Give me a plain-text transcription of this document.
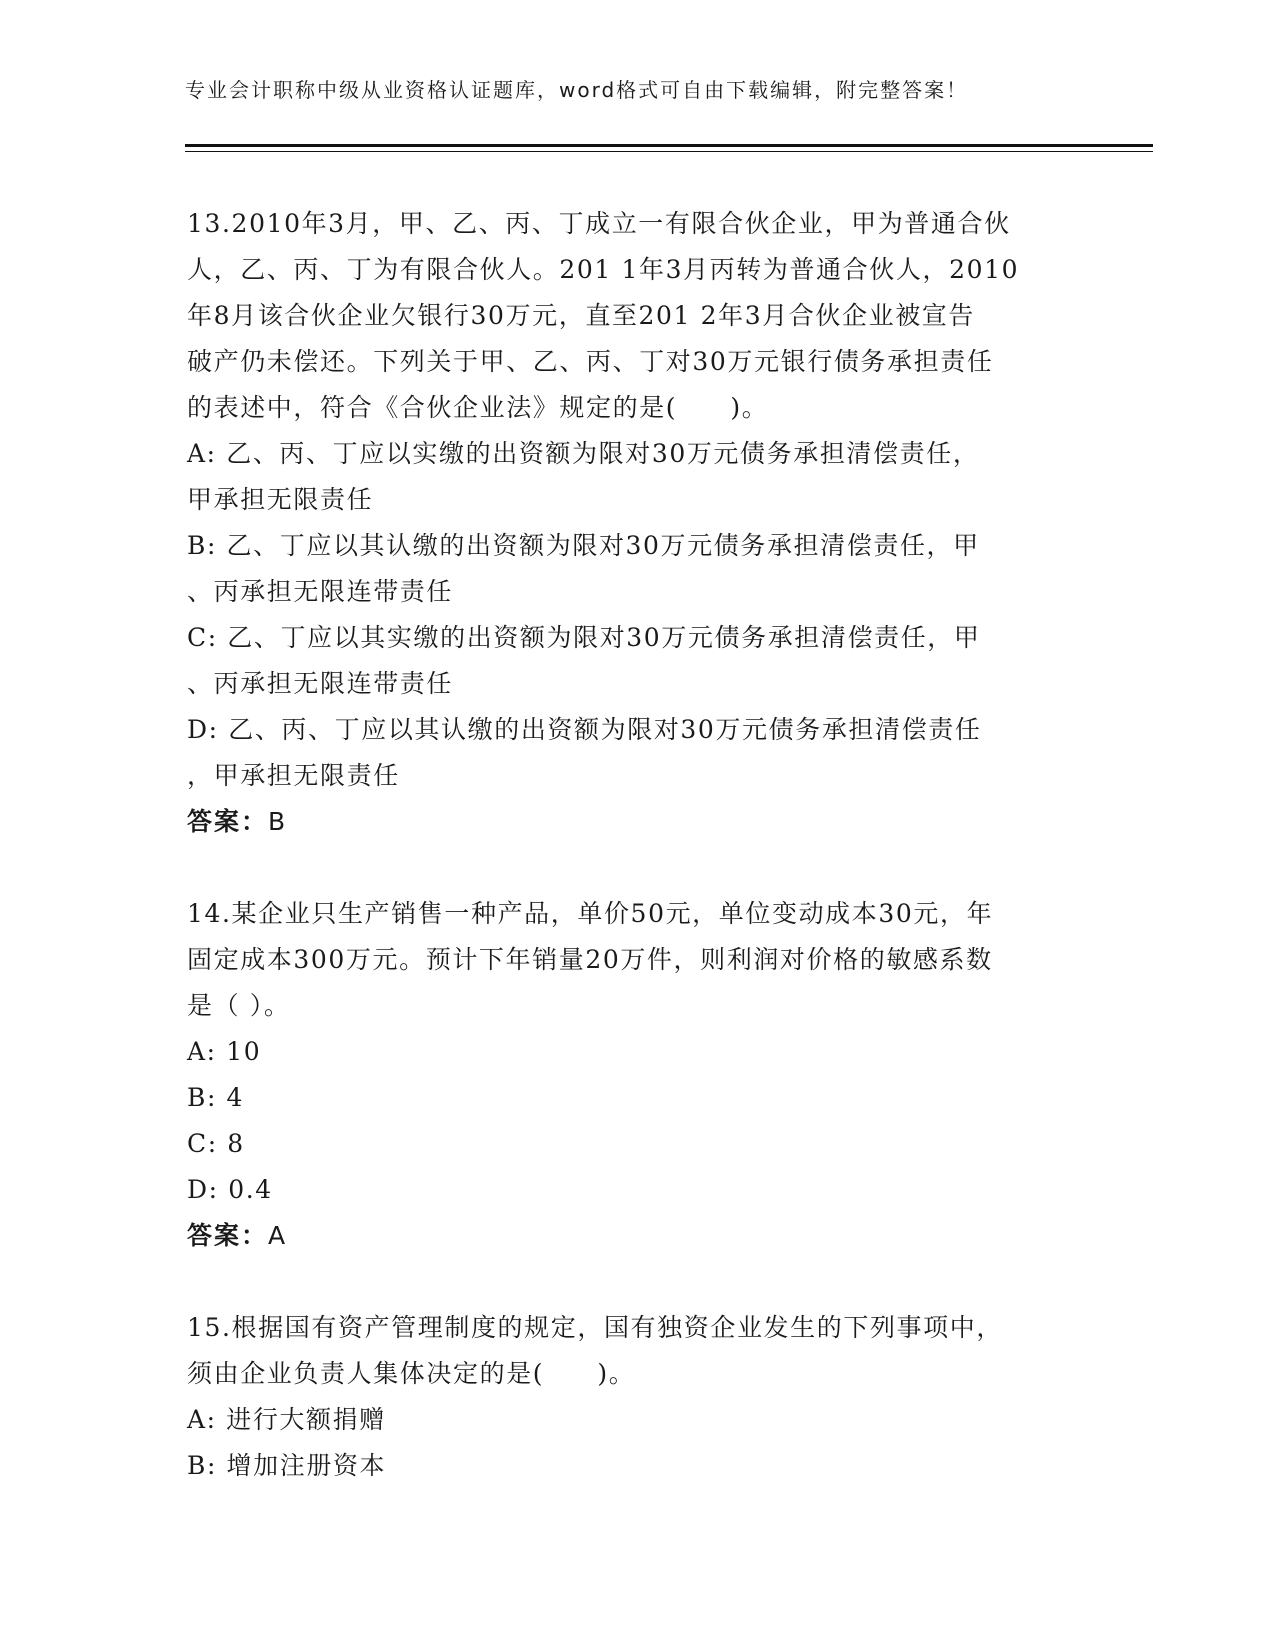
专业会计职称中级从业资格认证题库，word格式可自由下载编辑，附完整答案！
13.2010年3月，甲、乙、丙、丁成立一有限合伙企业，甲为普通合伙
人，乙、丙、丁为有限合伙人。201 1年3月丙转为普通合伙人，2010
年8月该合伙企业欠银行30万元，直至201 2年3月合伙企业被宣告
破产仍未偿还。下列关于甲、乙、丙、丁对30万元银行债务承担责任
的表述中，符合《合伙企业法》规定的是(　　)。
A: 乙、丙、丁应以实缴的出资额为限对30万元债务承担清偿责任，
甲承担无限责任
B: 乙、丁应以其认缴的出资额为限对30万元债务承担清偿责任，甲
、丙承担无限连带责任
C: 乙、丁应以其实缴的出资额为限对30万元债务承担清偿责任，甲
、丙承担无限连带责任
D: 乙、丙、丁应以其认缴的出资额为限对30万元债务承担清偿责任
，甲承担无限责任
答案：B
14.某企业只生产销售一种产品，单价50元，单位变动成本30元，年
固定成本300万元。预计下年销量20万件，则利润对价格的敏感系数
是（ ）。
A: 10
B: 4
C: 8
D: 0.4
答案：A
15.根据国有资产管理制度的规定，国有独资企业发生的下列事项中，
须由企业负责人集体决定的是(　　)。
A: 进行大额捐赠
B: 增加注册资本
